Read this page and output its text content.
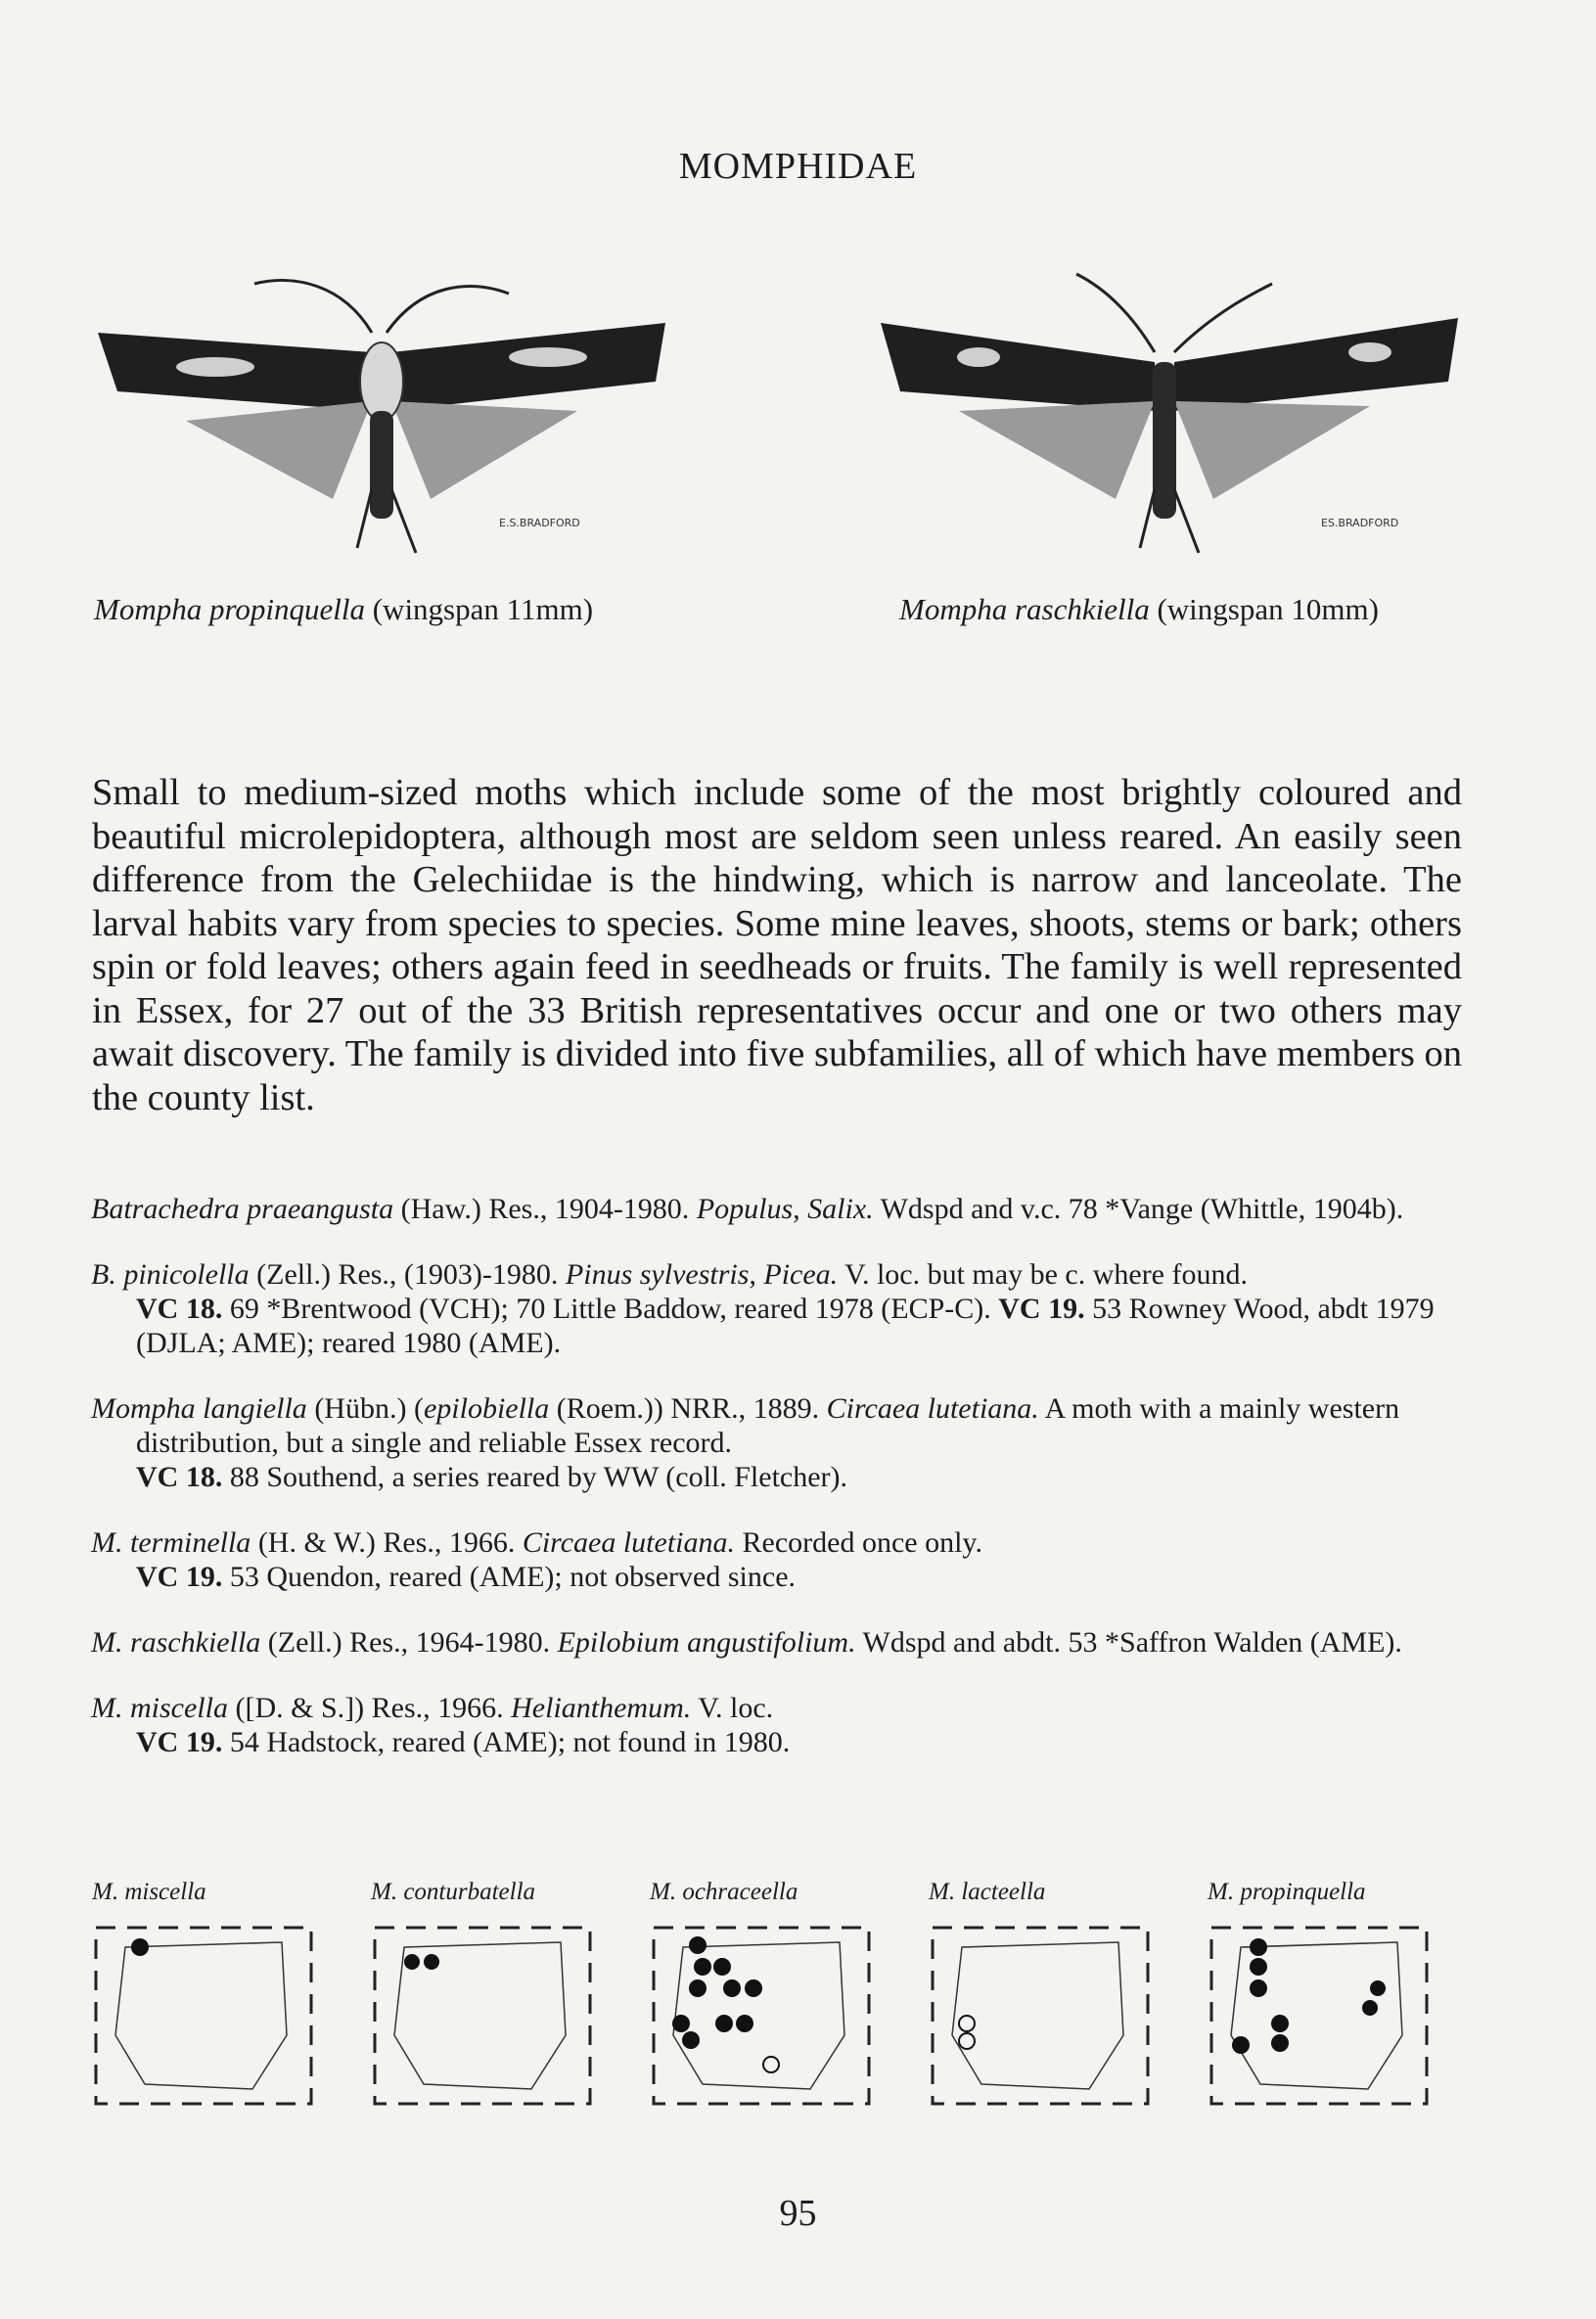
MOMPHIDAE
E.S.BRADFORD	ES.BRADFORD
Mompha propinquella (wingspan 11mm)	Mompha raschkiella (wingspan 10mm)
Small to medium-sized moths which include some of the most brightly coloured and beautiful microlepidoptera, although most are seldom seen unless reared. An easily seen difference from the Gelechiidae is the hindwing, which is narrow and lanceolate. The larval habits vary from species to species. Some mine leaves, shoots, stems or bark; others spin or fold leaves; others again feed in seedheads or fruits. The family is well represented in Essex, for 27 out of the 33 British representatives occur and one or two others may await discovery. The family is divided into five subfamilies, all of which have members on the county list.

Batrachedra praeangusta (Haw.) Res., 1904-1980. Populus, Salix. Wdspd and v.c. 78 *Vange (Whittle, 1904b).

B. pinicolella (Zell.) Res., (1903)-1980. Pinus sylvestris, Picea. V. loc. but may be c. where found.

VC 18. 69 *Brentwood (VCH); 70 Little Baddow, reared 1978 (ECP-C). VC 19. 53 Rowney Wood, abdt 1979 (DJLA; AME); reared 1980 (AME).

Mompha langiella (Hübn.) (epilobiella (Roem.)) NRR., 1889. Circaea lutetiana. A moth with a mainly western distribution, but a single and reliable Essex record.

VC 18. 88 Southend, a series reared by WW (coll. Fletcher).

M. terminella (H. & W.) Res., 1966. Circaea lutetiana. Recorded once only.

VC 19. 53 Quendon, reared (AME); not observed since.

M. raschkiella (Zell.) Res., 1964-1980. Epilobium angustifolium. Wdspd and abdt. 53 *Saffron Walden (AME).

M. miscella ([D. & S.]) Res., 1966. Helianthemum. V. loc.

VC 19. 54 Hadstock, reared (AME); not found in 1980.

M. miscella	M. conturbatella	M. ochraceella	M. lacteella	M. propinquella
95
